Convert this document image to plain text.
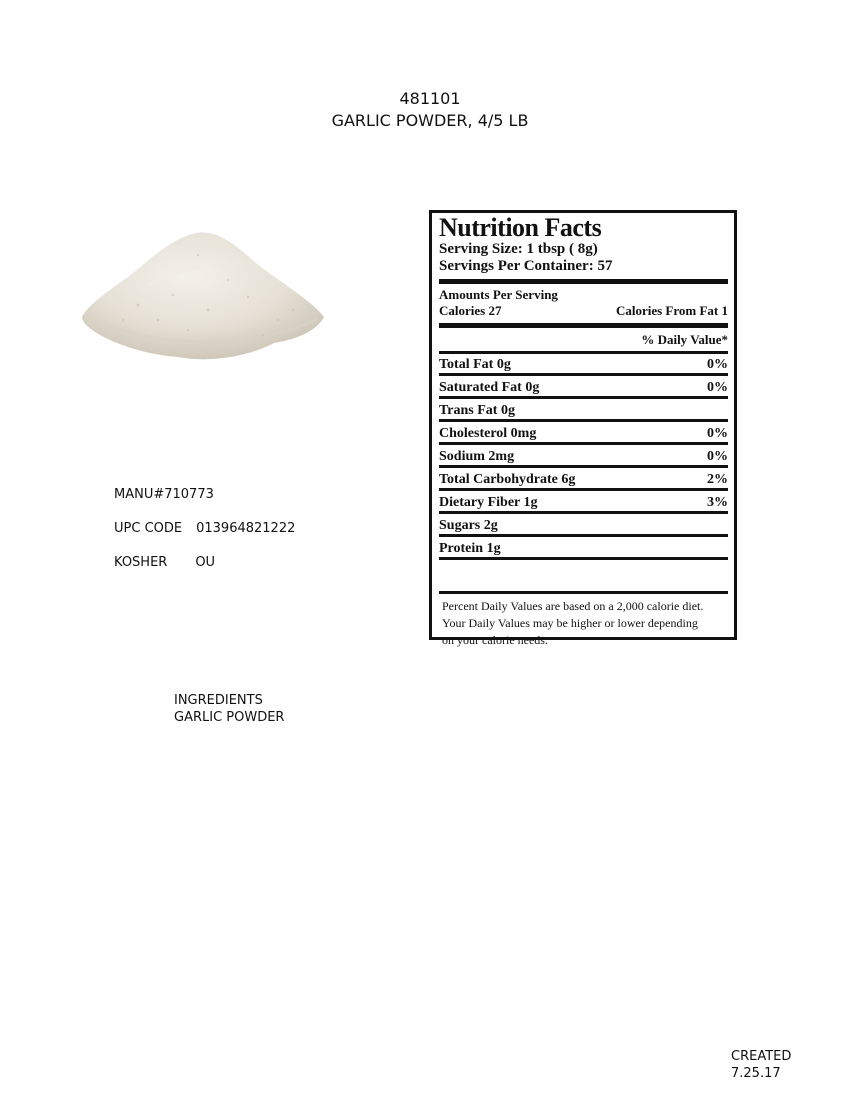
481101
GARLIC POWDER, 4/5 LB
MANU#710773
UPC CODE 013964821222
KOSHER OU
Nutrition Facts
Serving Size: 1 tbsp ( 8g)
Servings Per Container: 57
Amounts Per Serving
Calories 27	Calories From Fat 1
% Daily Value*
Total Fat 0g	0%
Saturated Fat 0g	0%
Trans Fat 0g
Cholesterol 0mg	0%
Sodium 2mg	0%
Total Carbohydrate 6g	2%
Dietary Fiber 1g	3%
Sugars 2g
Protein 1g
Percent Daily Values are based on a 2,000 calorie diet.
Your Daily Values may be higher or lower depending
on your calorie needs.
INGREDIENTS
GARLIC POWDER
CREATED
7.25.17
